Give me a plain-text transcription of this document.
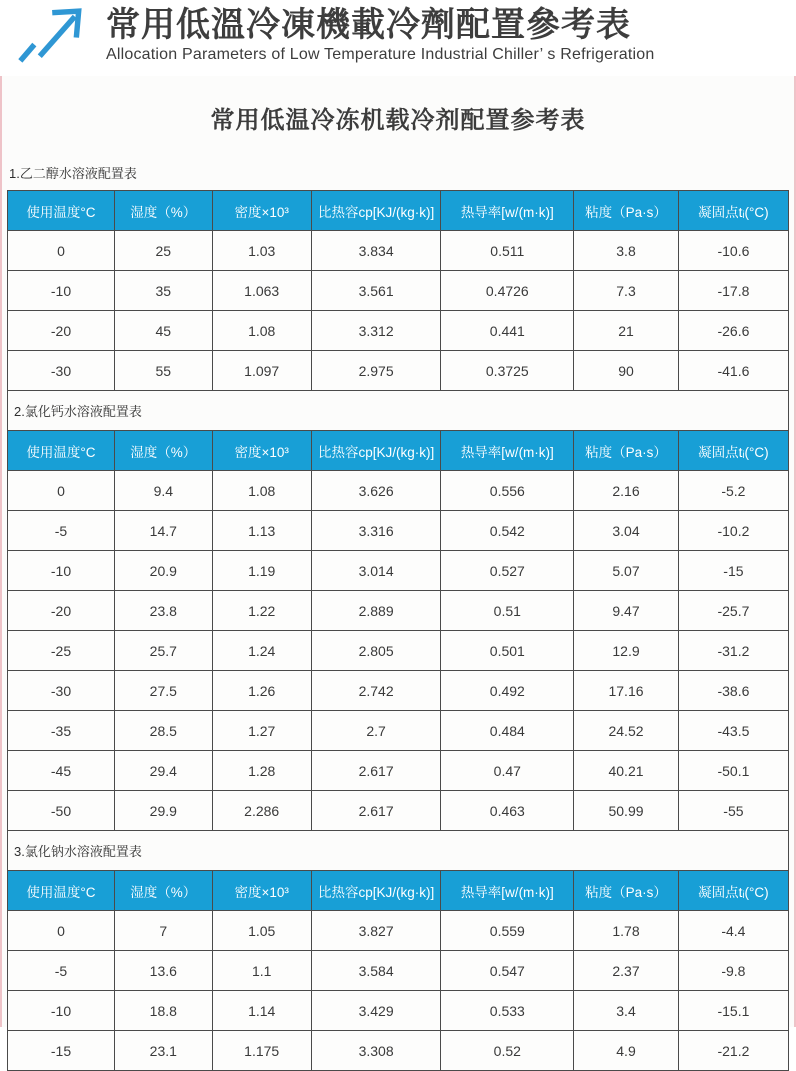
常用低溫冷凍機載冷劑配置參考表
Allocation Parameters of Low Temperature Industrial Chiller’ s Refrigeration
常用低温冷冻机载冷剂配置参考表
1.乙二醇水溶液配置表
使用温度°C	湿度（%）	密度×10³	比热容cp[KJ/(kg·k)]	热导率[w/(m·k)]	粘度（Pa·s）	凝固点tᵢ(°C)
0	25	1.03	3.834	0.511	3.8	-10.6
-10	35	1.063	3.561	0.4726	7.3	-17.8
-20	45	1.08	3.312	0.441	21	-26.6
-30	55	1.097	2.975	0.3725	90	-41.6
2.氯化钙水溶液配置表						
使用温度°C	湿度（%）	密度×10³	比热容cp[KJ/(kg·k)]	热导率[w/(m·k)]	粘度（Pa·s）	凝固点tᵢ(°C)
0	9.4	1.08	3.626	0.556	2.16	-5.2
-5	14.7	1.13	3.316	0.542	3.04	-10.2
-10	20.9	1.19	3.014	0.527	5.07	-15
-20	23.8	1.22	2.889	0.51	9.47	-25.7
-25	25.7	1.24	2.805	0.501	12.9	-31.2
-30	27.5	1.26	2.742	0.492	17.16	-38.6
-35	28.5	1.27	2.7	0.484	24.52	-43.5
-45	29.4	1.28	2.617	0.47	40.21	-50.1
-50	29.9	2.286	2.617	0.463	50.99	-55
3.氯化钠水溶液配置表						
使用温度°C	湿度（%）	密度×10³	比热容cp[KJ/(kg·k)]	热导率[w/(m·k)]	粘度（Pa·s）	凝固点tᵢ(°C)
0	7	1.05	3.827	0.559	1.78	-4.4
-5	13.6	1.1	3.584	0.547	2.37	-9.8
-10	18.8	1.14	3.429	0.533	3.4	-15.1
-15	23.1	1.175	3.308	0.52	4.9	-21.2
